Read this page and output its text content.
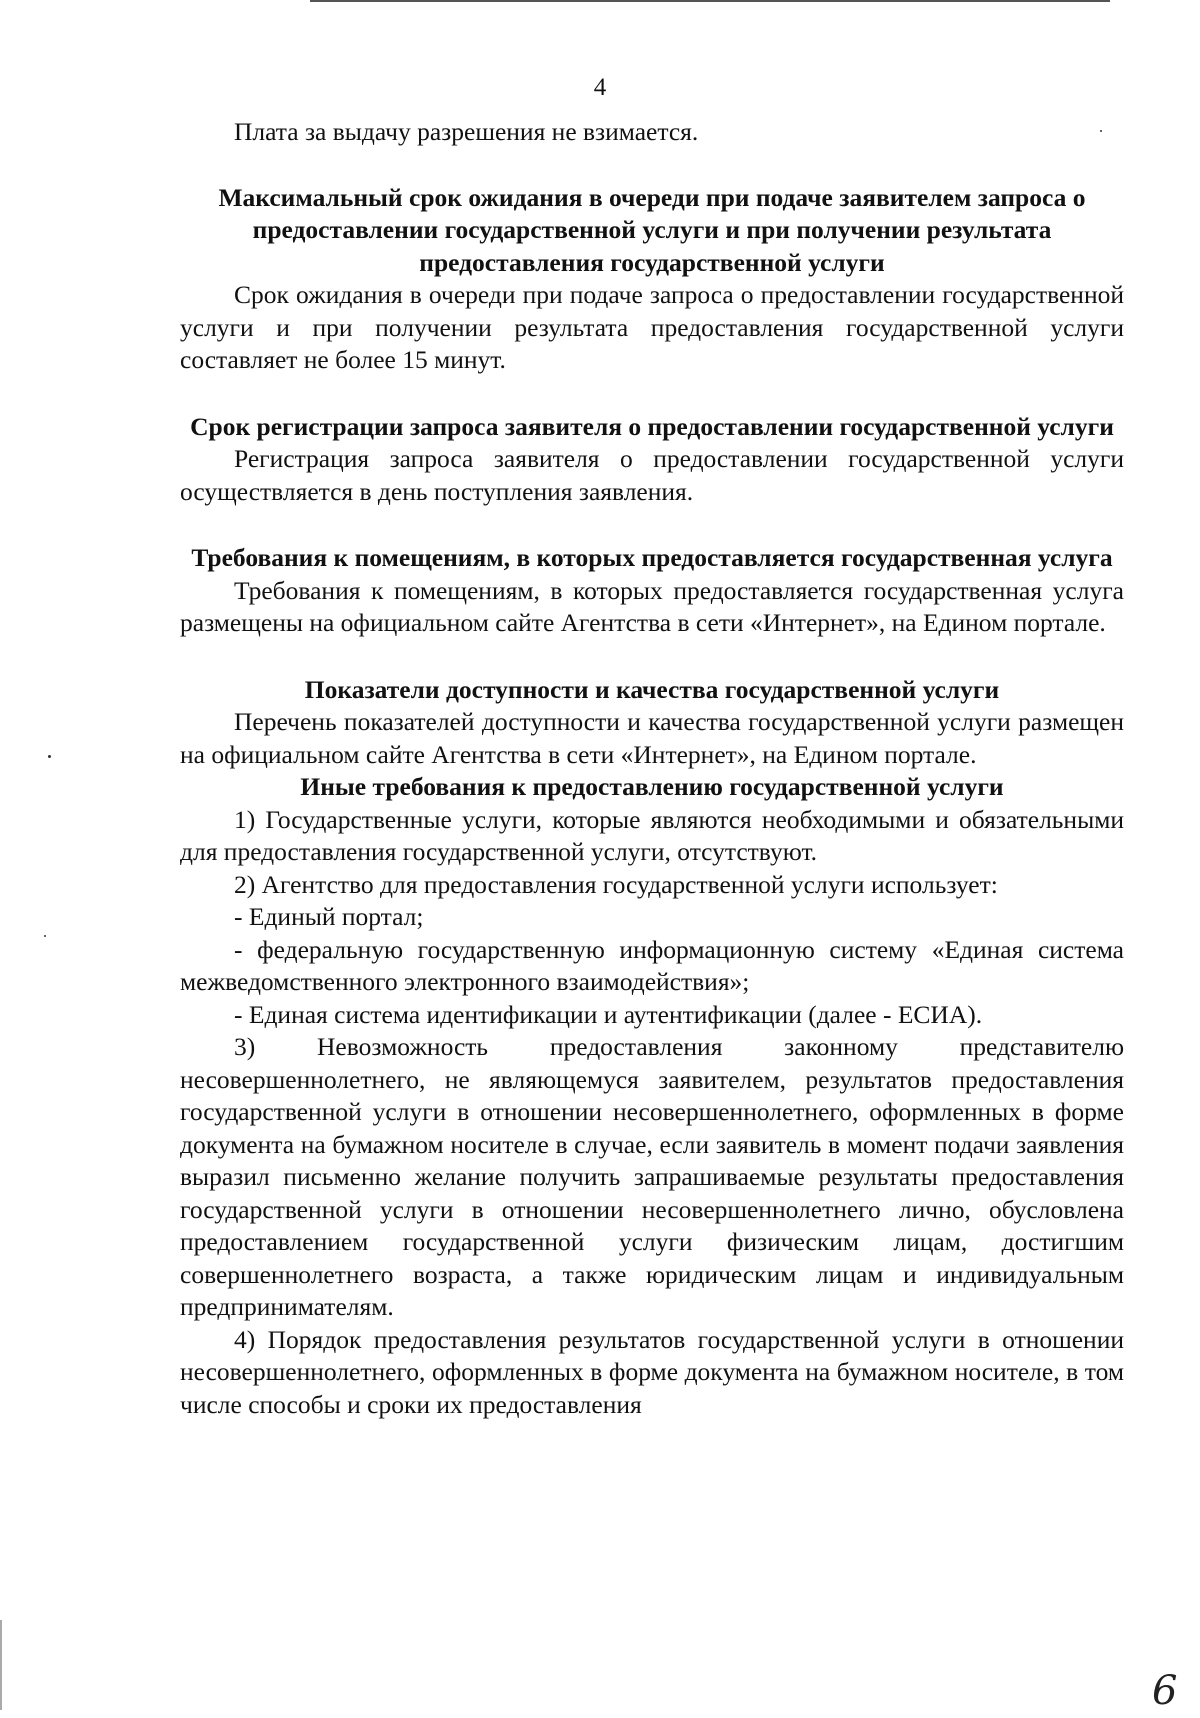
4

Плата за выдачу разрешения не взимается.

Максимальный срок ожидания в очереди при подаче заявителем запроса о предоставлении государственной услуги и при получении результата предоставления государственной услуги

Срок ожидания в очереди при подаче запроса о предоставлении государственной услуги и при получении результата предоставления государственной услуги составляет не более 15 минут.

Срок регистрации запроса заявителя о предоставлении государственной услуги

Регистрация запроса заявителя о предоставлении государственной услуги осуществляется в день поступления заявления.

Требования к помещениям, в которых предоставляется государственная услуга

Требования к помещениям, в которых предоставляется государственная услуга размещены на официальном сайте Агентства в сети «Интернет», на Едином портале.

Показатели доступности и качества государственной услуги

Перечень показателей доступности и качества государственной услуги размещен на официальном сайте Агентства в сети «Интернет», на Едином портале.

Иные требования к предоставлению государственной услуги

1) Государственные услуги, которые являются необходимыми и обязательными для предоставления государственной услуги, отсутствуют.

2) Агентство для предоставления государственной услуги использует:

- Единый портал;

- федеральную государственную информационную систему «Единая система межведомственного электронного взаимодействия»;

- Единая система идентификации и аутентификации (далее - ЕСИА).

3) Невозможность предоставления законному представителю несовершеннолетнего, не являющемуся заявителем, результатов предоставления государственной услуги в отношении несовершеннолетнего, оформленных в форме документа на бумажном носителе в случае, если заявитель в момент подачи заявления выразил письменно желание получить запрашиваемые результаты предоставления государственной услуги в отношении несовершеннолетнего лично, обусловлена предоставлением государственной услуги физическим лицам, достигшим совершеннолетнего возраста, а также юридическим лицам и индивидуальным предпринимателям.

4) Порядок предоставления результатов государственной услуги в отношении несовершеннолетнего, оформленных в форме документа на бумажном носителе, в том числе способы и сроки их предоставления

6
